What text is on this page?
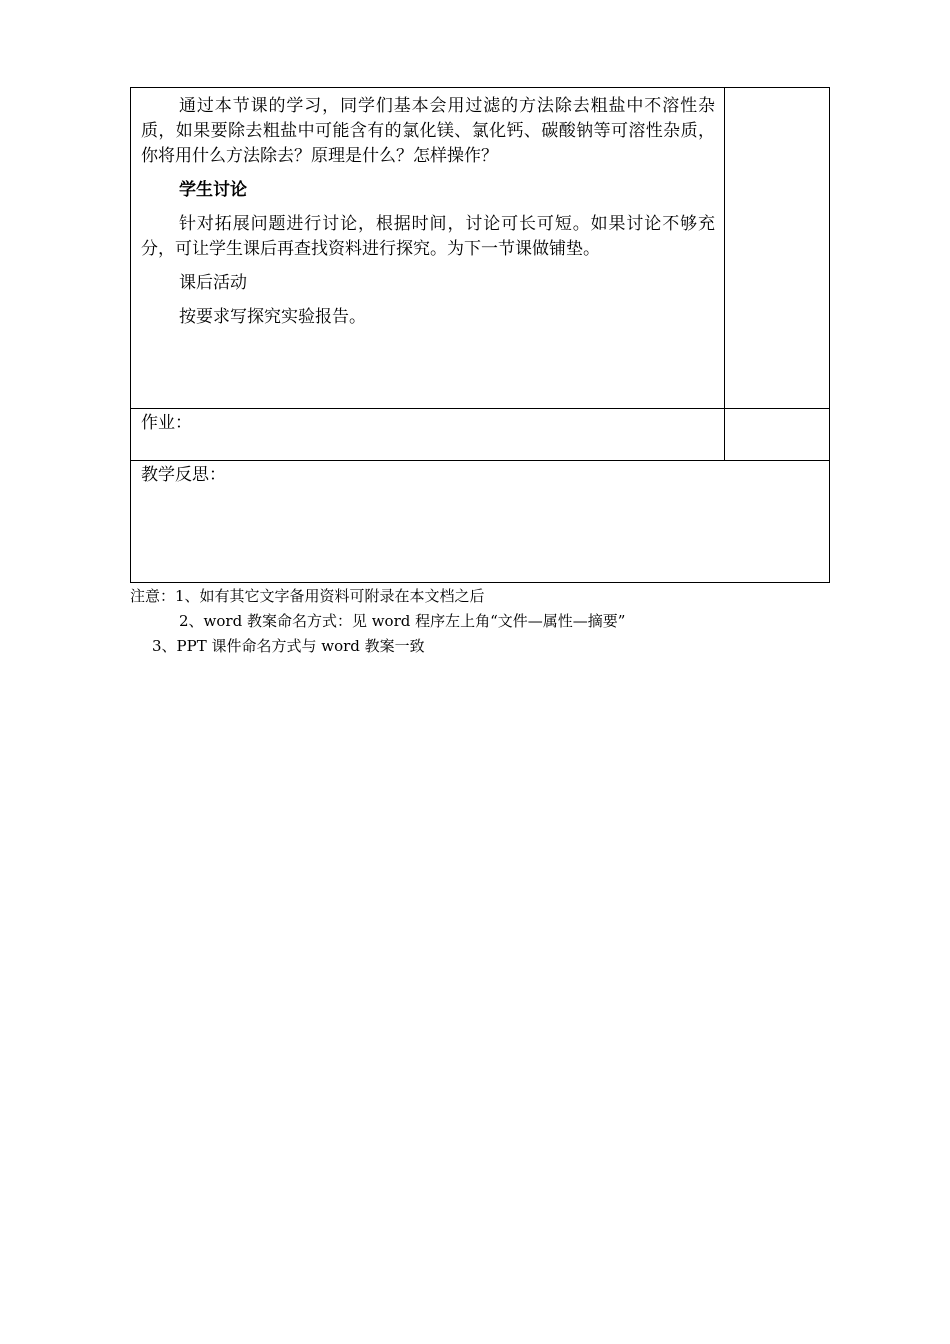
通过本节课的学习，同学们基本会用过滤的方法除去粗盐中不溶性杂质，如果要除去粗盐中可能含有的氯化镁、氯化钙、碳酸钠等可溶性杂质，你将用什么方法除去？原理是什么？怎样操作？

学生讨论

针对拓展问题进行讨论，根据时间，讨论可长可短。如果讨论不够充分，可让学生课后再查找资料进行探究。为下一节课做铺垫。

课后活动

按要求写探究实验报告。	

作业：	

教学反思：	
注意：1、如有其它文字备用资料可附录在本文档之后
2、word 教案命名方式：见 word 程序左上角“文件—属性—摘要”
3、PPT 课件命名方式与 word 教案一致
